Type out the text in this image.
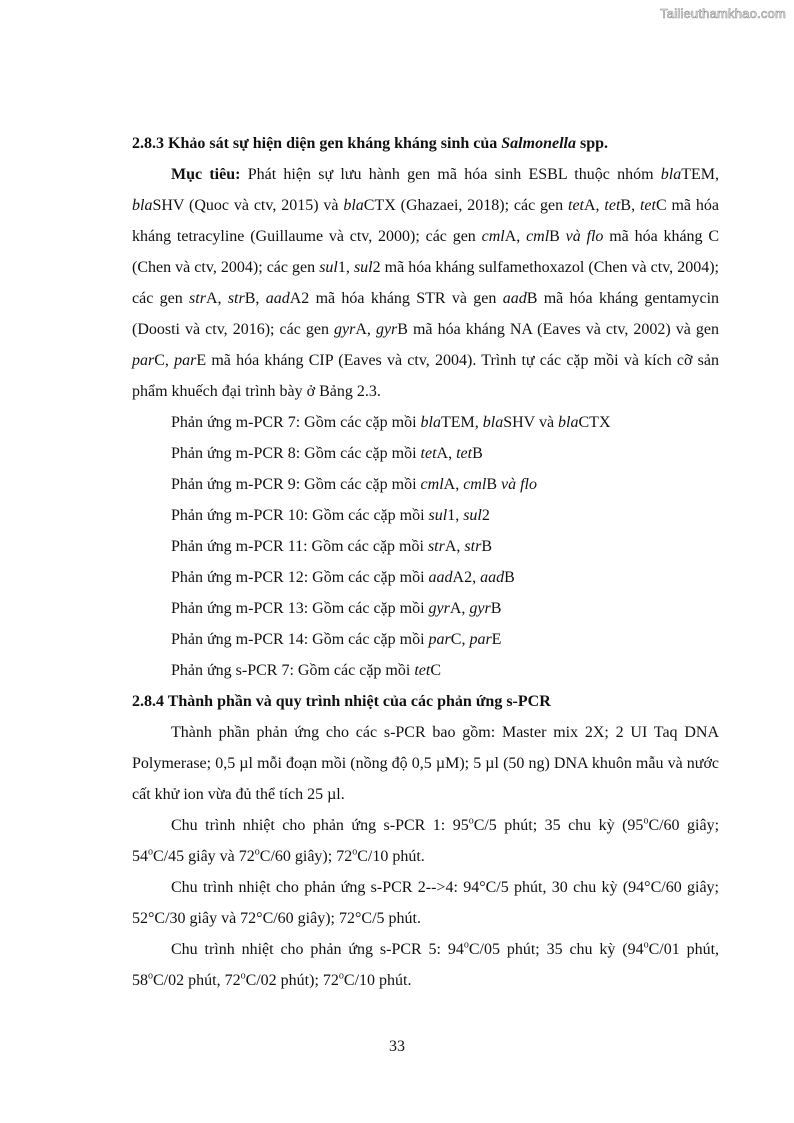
Tailieuthamkhao.com

2.8.3 Khảo sát sự hiện diện gen kháng kháng sinh của Salmonella spp.

Mục tiêu: Phát hiện sự lưu hành gen mã hóa sinh ESBL thuộc nhóm blaTEM, blaSHV (Quoc và ctv, 2015) và blaCTX (Ghazaei, 2018); các gen tetA, tetB, tetC mã hóa kháng tetracyline (Guillaume và ctv, 2000); các gen cmlA, cmlB và flo mã hóa kháng C (Chen và ctv, 2004); các gen sul1, sul2 mã hóa kháng sulfamethoxazol (Chen và ctv, 2004); các gen strA, strB, aadA2 mã hóa kháng STR và gen aadB mã hóa kháng gentamycin (Doosti và ctv, 2016); các gen gyrA, gyrB mã hóa kháng NA (Eaves và ctv, 2002) và gen parC, parE mã hóa kháng CIP (Eaves và ctv, 2004). Trình tự các cặp mồi và kích cỡ sản phẩm khuếch đại trình bày ở Bảng 2.3.

Phản ứng m-PCR 7: Gồm các cặp mồi blaTEM, blaSHV và blaCTX

Phản ứng m-PCR 8: Gồm các cặp mồi tetA, tetB

Phản ứng m-PCR 9: Gồm các cặp mồi cmlA, cmlB và flo

Phản ứng m-PCR 10: Gồm các cặp mồi sul1, sul2

Phản ứng m-PCR 11: Gồm các cặp mồi strA, strB

Phản ứng m-PCR 12: Gồm các cặp mồi aadA2, aadB

Phản ứng m-PCR 13: Gồm các cặp mồi gyrA, gyrB

Phản ứng m-PCR 14: Gồm các cặp mồi parC, parE

Phản ứng s-PCR 7: Gồm các cặp mồi tetC

2.8.4 Thành phần và quy trình nhiệt của các phản ứng s-PCR

Thành phần phản ứng cho các s-PCR bao gồm: Master mix 2X; 2 UI Taq DNA Polymerase; 0,5 µl mỗi đoạn mồi (nồng độ 0,5 µM); 5 µl (50 ng) DNA khuôn mẫu và nước cất khử ion vừa đủ thể tích 25 µl.

Chu trình nhiệt cho phản ứng s-PCR 1: 95$^o$C/5 phút; 35 chu kỳ (95$^o$C/60 giây; 54$^o$C/45 giây và 72$^o$C/60 giây); 72$^o$C/10 phút.

Chu trình nhiệt cho phản ứng s-PCR 2-->4: 94°C/5 phút, 30 chu kỳ (94°C/60 giây; 52°C/30 giây và 72°C/60 giây); 72°C/5 phút.

Chu trình nhiệt cho phản ứng s-PCR 5: 94$^o$C/05 phút; 35 chu kỳ (94$^o$C/01 phút, 58$^o$C/02 phút, 72$^o$C/02 phút); 72$^o$C/10 phút.

33
